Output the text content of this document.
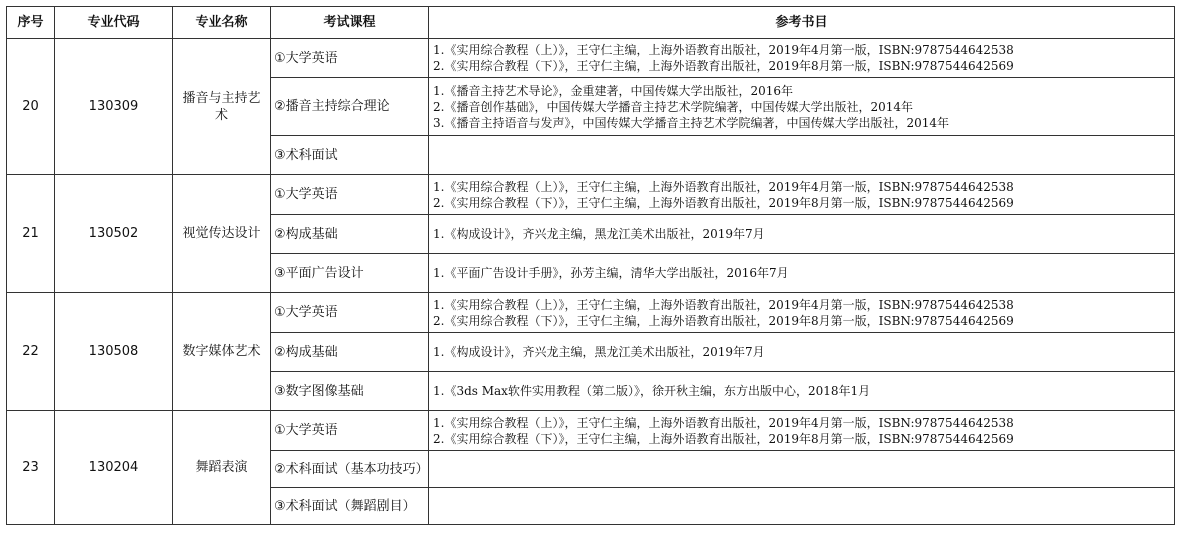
序号	专业代码	专业名称	考试课程	参考书目
20	130309	播音与主持艺术	①大学英语	1.《实用综合教程（上）》，王守仁主编，上海外语教育出版社，2019年4月第一版，ISBN:9787544642538
2.《实用综合教程（下）》，王守仁主编，上海外语教育出版社，2019年8月第一版，ISBN:9787544642569

			②播音主持综合理论	1.《播音主持艺术导论》，金重建著，中国传媒大学出版社，2016年
2.《播音创作基础》，中国传媒大学播音主持艺术学院编著，中国传媒大学出版社，2014年
3.《播音主持语音与发声》，中国传媒大学播音主持艺术学院编著，中国传媒大学出版社，2014年

			③术科面试	
21	130502	视觉传达设计	①大学英语	1.《实用综合教程（上）》，王守仁主编，上海外语教育出版社，2019年4月第一版，ISBN:9787544642538
2.《实用综合教程（下）》，王守仁主编，上海外语教育出版社，2019年8月第一版，ISBN:9787544642569

			②构成基础	1.《构成设计》，齐兴龙主编，黑龙江美术出版社，2019年7月

			③平面广告设计	1.《平面广告设计手册》，孙芳主编，清华大学出版社，2016年7月

22	130508	数字媒体艺术	①大学英语	1.《实用综合教程（上）》，王守仁主编，上海外语教育出版社，2019年4月第一版，ISBN:9787544642538
2.《实用综合教程（下）》，王守仁主编，上海外语教育出版社，2019年8月第一版，ISBN:9787544642569

			②构成基础	1.《构成设计》，齐兴龙主编，黑龙江美术出版社，2019年7月

			③数字图像基础	1.《3ds Max软件实用教程（第二版）》，徐开秋主编，东方出版中心，2018年1月

23	130204	舞蹈表演	①大学英语	1.《实用综合教程（上）》，王守仁主编，上海外语教育出版社，2019年4月第一版，ISBN:9787544642538
2.《实用综合教程（下）》，王守仁主编，上海外语教育出版社，2019年8月第一版，ISBN:9787544642569

			②术科面试（基本功技巧）	
			③术科面试（舞蹈剧目）	
